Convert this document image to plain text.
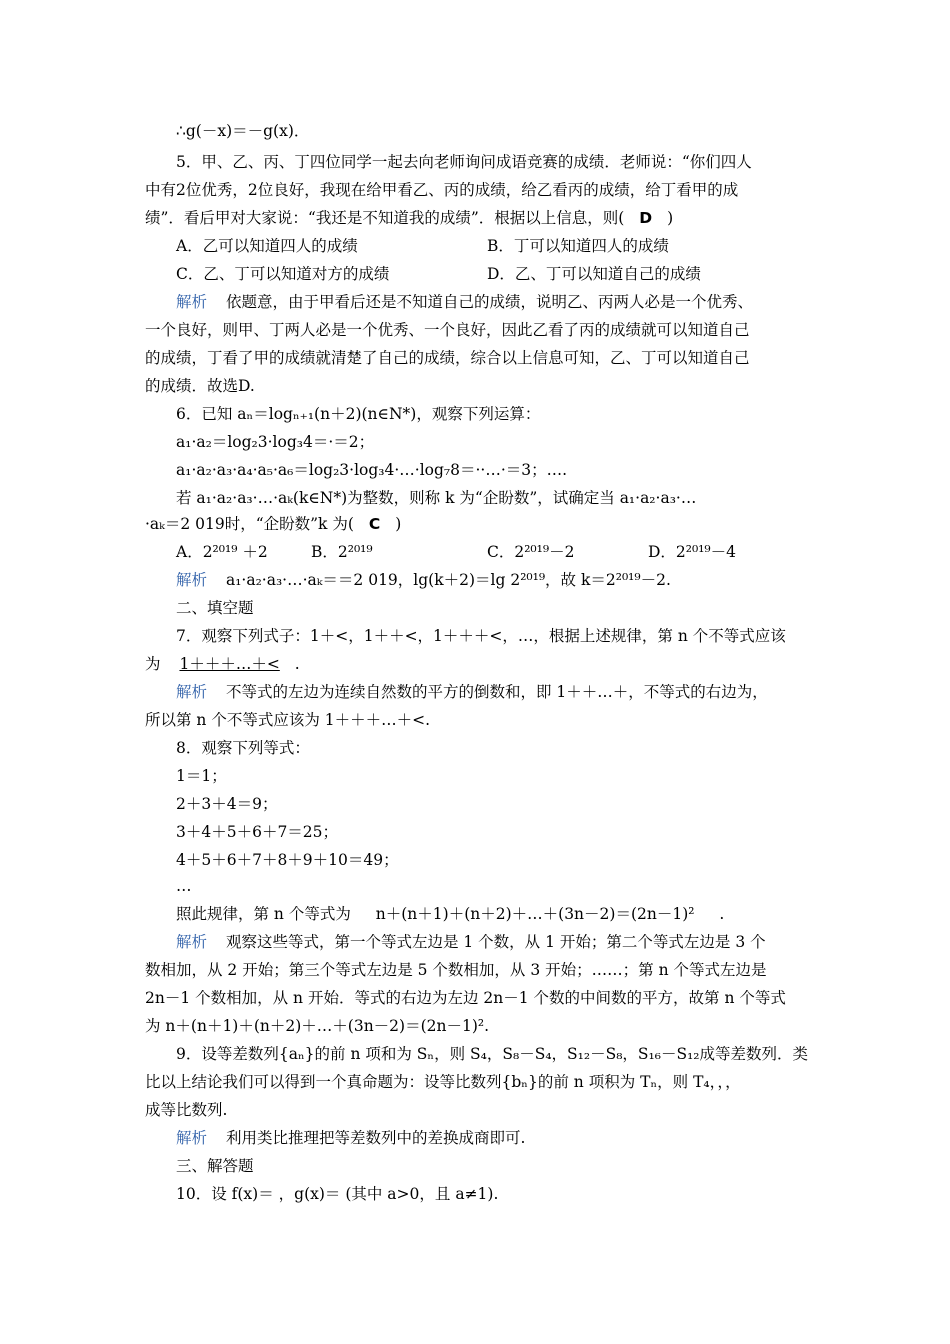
∴g(－x)＝－g(x)．
5．甲、乙、丙、丁四位同学一起去向老师询问成语竞赛的成绩．老师说：“你们四人
中有2位优秀，2位良好，我现在给甲看乙、丙的成绩，给乙看丙的成绩，给丁看甲的成
绩”．看后甲对大家说：“我还是不知道我的成绩”．根据以上信息，则( D )
A．乙可以知道四人的成绩	B．丁可以知道四人的成绩
C．乙、丁可以知道对方的成绩	D．乙、丁可以知道自己的成绩
解析 依题意，由于甲看后还是不知道自己的成绩，说明乙、丙两人必是一个优秀、
一个良好，则甲、丁两人必是一个优秀、一个良好，因此乙看了丙的成绩就可以知道自己
的成绩，丁看了甲的成绩就清楚了自己的成绩，综合以上信息可知，乙、丁可以知道自己
的成绩．故选D.
6．已知 aₙ＝logₙ₊₁(n＋2)(n∈N*)，观察下列运算：
a₁·a₂＝log₂3·log₃4＝·＝2；
a₁·a₂·a₃·a₄·a₅·a₆＝log₂3·log₃4·…·log₇8＝··…·＝3；….
若 a₁·a₂·a₃·…·aₖ(k∈N*)为整数，则称 k 为“企盼数”，试确定当 a₁·a₂·a₃·…
·aₖ＝2 019时，“企盼数”k 为( C )
A．2²⁰¹⁹ ＋2	B．2²⁰¹⁹	C．2²⁰¹⁹－2	D．2²⁰¹⁹－4
解析 a₁·a₂·a₃·…·aₖ＝＝2 019，lg(k＋2)＝lg 2²⁰¹⁹，故 k＝2²⁰¹⁹－2.
二、填空题
7．观察下列式子：1＋<，1＋＋<，1＋＋＋<，…，根据上述规律，第 n 个不等式应该
为 1＋＋＋…＋< .
解析 不等式的左边为连续自然数的平方的倒数和，即 1＋＋…＋，不等式的右边为，
所以第 n 个不等式应该为 1＋＋＋…＋<.
8．观察下列等式：
1＝1；
2＋3＋4＝9；
3＋4＋5＋6＋7＝25；
4＋5＋6＋7＋8＋9＋10＝49；
…
照此规律，第 n 个等式为 n＋(n＋1)＋(n＋2)＋…＋(3n－2)＝(2n－1)² .
解析 观察这些等式，第一个等式左边是 1 个数，从 1 开始；第二个等式左边是 3 个
数相加，从 2 开始；第三个等式左边是 5 个数相加，从 3 开始；……；第 n 个等式左边是
2n－1 个数相加，从 n 开始．等式的右边为左边 2n－1 个数的中间数的平方，故第 n 个等式
为 n＋(n＋1)＋(n＋2)＋…＋(3n－2)＝(2n－1)².
9．设等差数列{aₙ}的前 n 项和为 Sₙ，则 S₄，S₈－S₄，S₁₂－S₈，S₁₆－S₁₂成等差数列．类
比以上结论我们可以得到一个真命题为：设等比数列{bₙ}的前 n 项积为 Tₙ，则 T₄，，，
成等比数列.
解析 利用类比推理把等差数列中的差换成商即可.
三、解答题
10．设 f(x)＝ ，g(x)＝ (其中 a>0，且 a≠1).
